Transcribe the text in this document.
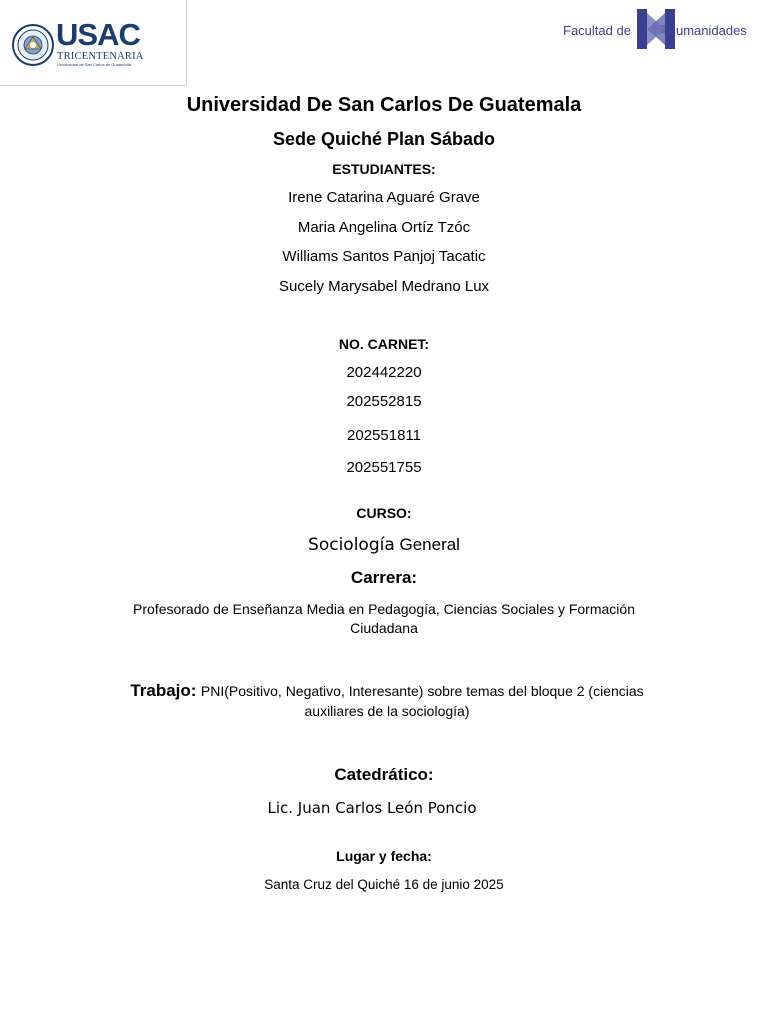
USAC
TRICENTENARIA
Universidad de San Carlos de Guatemala
Facultad de	umanidades
Universidad De San Carlos De Guatemala
Sede Quiché Plan Sábado
ESTUDIANTES:
Irene Catarina Aguaré Grave
Maria Angelina Ortíz Tzóc
Williams Santos Panjoj Tacatic
Sucely Marysabel Medrano Lux
NO. CARNET:
202442220
202552815
202551811
202551755
CURSO:
Sociología General
Carrera:
Profesorado de Enseñanza Media en Pedagogía, Ciencias Sociales y Formación
Ciudadana
Trabajo: PNI(Positivo, Negativo, Interesante) sobre temas del bloque 2 (ciencias
auxiliares de la sociología)
Catedrático:
Lic. Juan Carlos León Poncio
Lugar y fecha:
Santa Cruz del Quiché 16 de junio 2025
